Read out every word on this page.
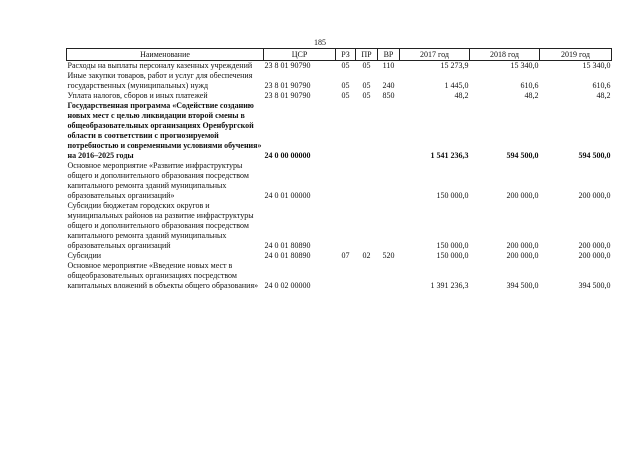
185
Наименование	ЦСР	РЗ	ПР	ВР	2017 год	2018 год	2019 год
Расходы на выплаты персоналу казенных учреждений	23 8 01 90790	05	05	110	15 273,9	15 340,0	15 340,0
Иные закупки товаров, работ и услуг для обеспечения государственных (муниципальных) нужд	23 8 01 90790	05	05	240	1 445,0	610,6	610,6
Уплата налогов, сборов и иных платежей	23 8 01 90790	05	05	850	48,2	48,2	48,2
Государственная программа «Содействие созданию новых мест с целью ликвидации второй смены в общеобразовательных организациях Оренбургской области в соответствии с прогнозируемой потребностью и современными условиями обучения» на 2016–2025 годы	24 0 00 00000				1 541 236,3	594 500,0	594 500,0
Основное мероприятие «Развитие инфраструктуры общего и дополнительного образования посредством капитального ремонта зданий муниципальных образовательных организаций»	24 0 01 00000				150 000,0	200 000,0	200 000,0
Субсидии бюджетам городских округов и муниципальных районов на развитие инфраструктуры общего и дополнительного образования посредством капитального ремонта зданий муниципальных образовательных организаций	24 0 01 80890				150 000,0	200 000,0	200 000,0
Субсидии	24 0 01 80890	07	02	520	150 000,0	200 000,0	200 000,0
Основное мероприятие «Введение новых мест в общеобразовательных организациях посредством капитальных вложений в объекты общего образования»	24 0 02 00000				1 391 236,3	394 500,0	394 500,0
